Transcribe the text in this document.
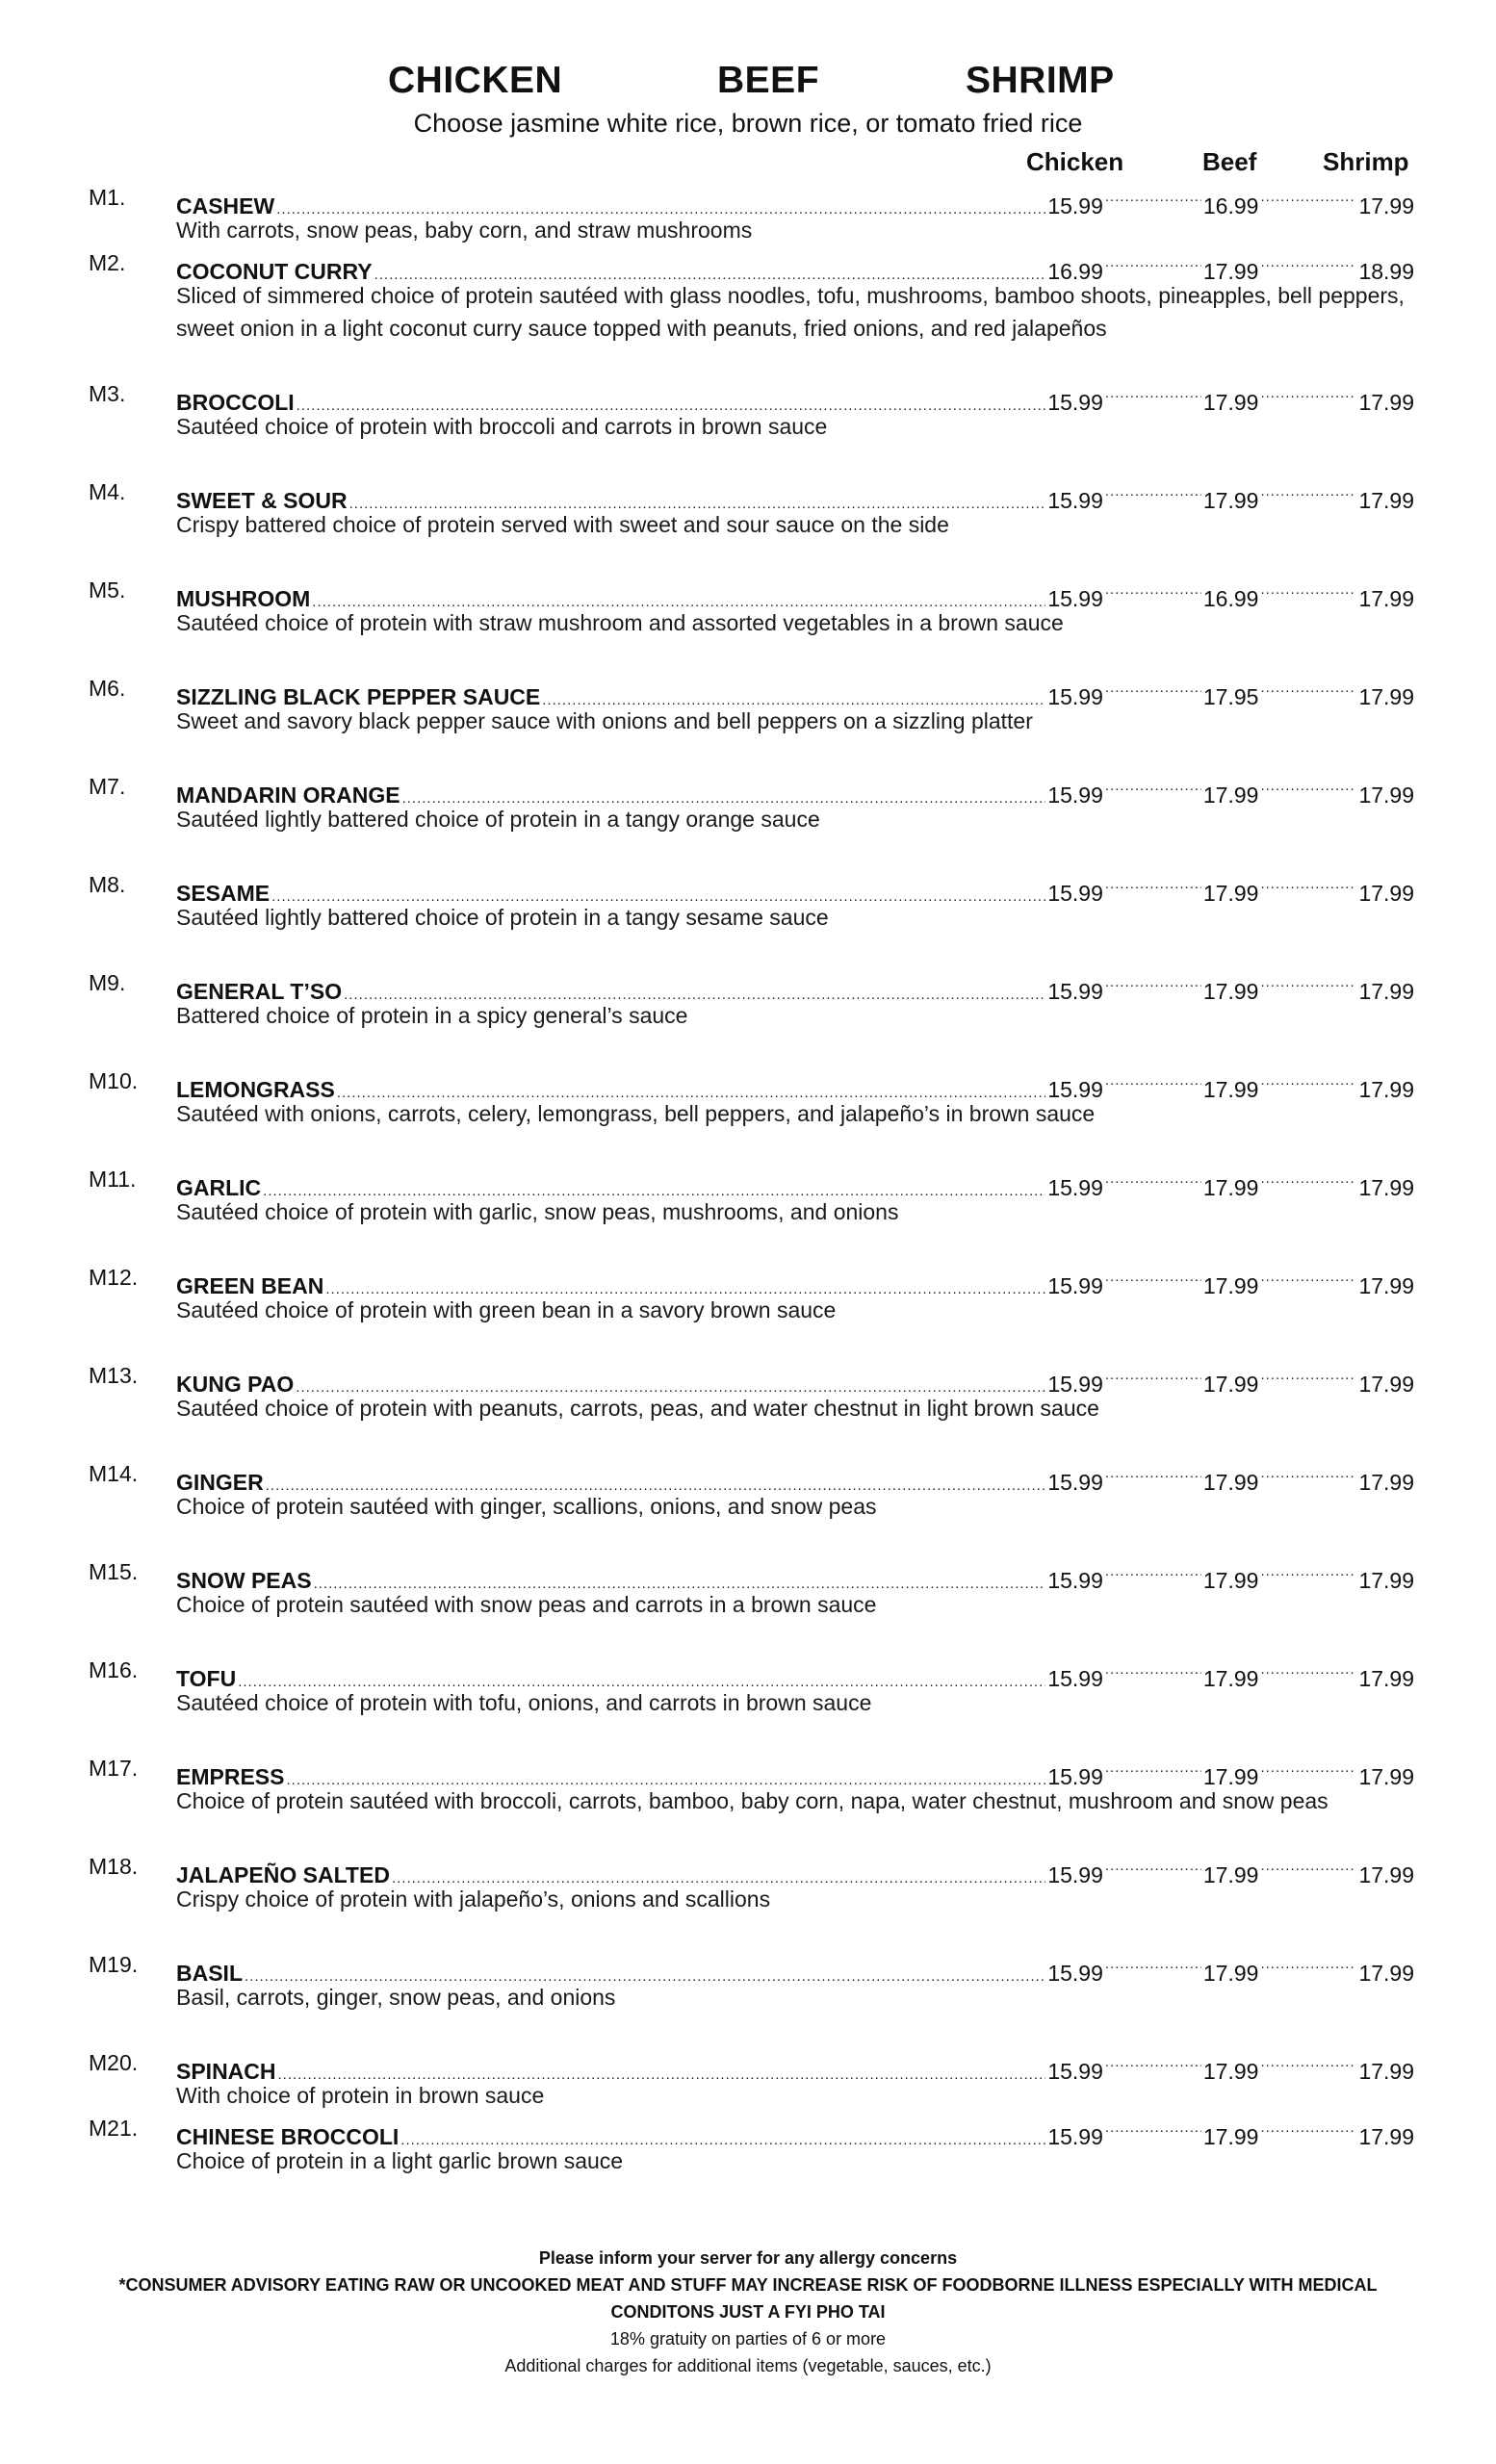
CHICKEN	BEEF	SHRIMP
Choose jasmine white rice, brown rice, or tomato fried rice
Chicken	Beef	Shrimp
M1. CASHEW .....	15.99 .....	16.99 .....	17.99
With carrots, snow peas, baby corn, and straw mushrooms
M2. COCONUT CURRY .....	16.99 .....	17.99 .....	18.99
Sliced of simmered choice of protein sautéed with glass noodles, tofu, mushrooms, bamboo shoots, pineapples, bell peppers, sweet onion in a light coconut curry sauce topped with peanuts, fried onions, and red jalapeños
M3. BROCCOLI .....	15.99 .....	17.99 .....	17.99
Sautéed choice of protein with broccoli and carrots in brown sauce
M4. SWEET & SOUR .....	15.99 .....	17.99 .....	17.99
Crispy battered choice of protein served with sweet and sour sauce on the side
M5. MUSHROOM .....	15.99 .....	16.99 .....	17.99
Sautéed choice of protein with straw mushroom and assorted vegetables in a brown sauce
M6. SIZZLING BLACK PEPPER SAUCE .....	15.99 .....	17.95 .....	17.99
Sweet and savory black pepper sauce with onions and bell peppers on a sizzling platter
M7. MANDARIN ORANGE .....	15.99 .....	17.99 .....	17.99
Sautéed lightly battered choice of protein in a tangy orange sauce
M8. SESAME .....	15.99 .....	17.99 .....	17.99
Sautéed lightly battered choice of protein in a tangy sesame sauce
M9. GENERAL T’SO .....	15.99 .....	17.99 .....	17.99
Battered choice of protein in a spicy general’s sauce
M10. LEMONGRASS .....	15.99 .....	17.99 .....	17.99
Sautéed with onions, carrots, celery, lemongrass, bell peppers, and jalapeño’s in brown sauce
M11. GARLIC .....	15.99 .....	17.99 .....	17.99
Sautéed choice of protein with garlic, snow peas, mushrooms, and onions
M12. GREEN BEAN .....	15.99 .....	17.99 .....	17.99
Sautéed choice of protein with green bean in a savory brown sauce
M13. KUNG PAO .....	15.99 .....	17.99 .....	17.99
Sautéed choice of protein with peanuts, carrots, peas, and water chestnut in light brown sauce
M14. GINGER .....	15.99 .....	17.99 .....	17.99
Choice of protein sautéed with ginger, scallions, onions, and snow peas
M15. SNOW PEAS .....	15.99 .....	17.99 .....	17.99
Choice of protein sautéed with snow peas and carrots in a brown sauce
M16. TOFU .....	15.99 .....	17.99 .....	17.99
Sautéed choice of protein with tofu, onions, and carrots in brown sauce
M17. EMPRESS .....	15.99 .....	17.99 .....	17.99
Choice of protein sautéed with broccoli, carrots, bamboo, baby corn, napa, water chestnut, mushroom and snow peas
M18. JALAPEÑO SALTED .....	15.99 .....	17.99 .....	17.99
Crispy choice of protein with jalapeño’s, onions and scallions
M19. BASIL .....	15.99 .....	17.99 .....	17.99
Basil, carrots, ginger, snow peas, and onions
M20. SPINACH .....	15.99 .....	17.99 .....	17.99
With choice of protein in brown sauce
M21. CHINESE BROCCOLI .....	15.99 .....	17.99 .....	17.99
Choice of protein in a light garlic brown sauce
Please inform your server for any allergy concerns
*CONSUMER ADVISORY EATING RAW OR UNCOOKED MEAT AND STUFF MAY INCREASE RISK OF FOODBORNE ILLNESS ESPECIALLY WITH MEDICAL CONDITONS JUST A FYI PHO TAI
18% gratuity on parties of 6 or more
Additional charges for additional items (vegetable, sauces, etc.)
